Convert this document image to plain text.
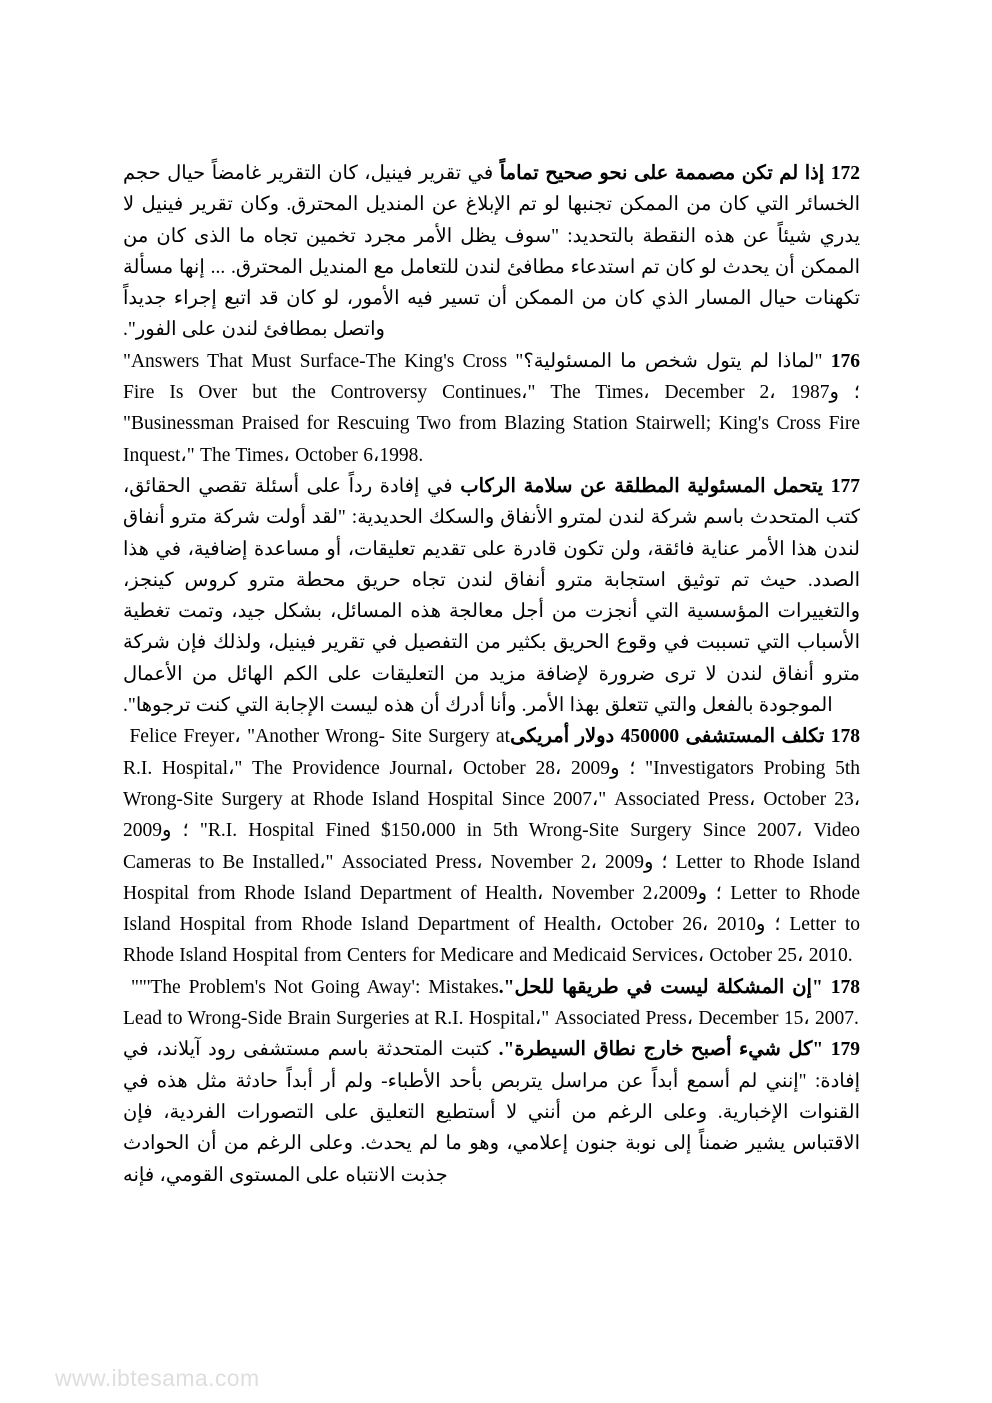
172 إذا لم تكن مصممة على نحو صحيح تماماً في تقرير فينيل، كان التقرير غامضاً حيال حجم الخسائر التي كان من الممكن تجنبها لو تم الإبلاغ عن المنديل المحترق. وكان تقرير فينيل لا يدري شيئاً عن هذه النقطة بالتحديد: "سوف يظل الأمر مجرد تخمين تجاه ما الذى كان من الممكن أن يحدث لو كان تم استدعاء مطافئ لندن للتعامل مع المنديل المحترق. ... إنها مسألة تكهنات حيال المسار الذي كان من الممكن أن تسير فيه الأمور، لو كان قد اتبع إجراء جديداً واتصل بمطافئ لندن على الفور".

176 "لماذا لم يتول شخص ما المسئولية؟" "Answers That Must Surface-The King's Cross Fire Is Over but the Controversy Continues،" The Times، December 2، 1987؛ و "Businessman Praised for Rescuing Two from Blazing Station Stairwell; King's Cross Fire Inquest،" The Times، October 6،1998.

177 يتحمل المسئولية المطلقة عن سلامة الركاب في إفادة رداً على أسئلة تقصي الحقائق، كتب المتحدث باسم شركة لندن لمترو الأنفاق والسكك الحديدية: "لقد أولت شركة مترو أنفاق لندن هذا الأمر عناية فائقة، ولن تكون قادرة على تقديم تعليقات، أو مساعدة إضافية، في هذا الصدد. حيث تم توثيق استجابة مترو أنفاق لندن تجاه حريق محطة مترو كروس كينجز، والتغييرات المؤسسية التي أنجزت من أجل معالجة هذه المسائل، بشكل جيد، وتمت تغطية الأسباب التي تسببت في وقوع الحريق بكثير من التفصيل في تقرير فينيل، ولذلك فإن شركة مترو أنفاق لندن لا ترى ضرورة لإضافة مزيد من التعليقات على الكم الهائل من الأعمال الموجودة بالفعل والتي تتعلق بهذا الأمر. وأنا أدرك أن هذه ليست الإجابة التي كنت ترجوها".

178 تكلف المستشفى 450000 دولار أمريكى Felice Freyer، "Another Wrong- Site Surgery at R.I. Hospital،" The Providence Journal، October 28، 2009؛ و "Investigators Probing 5th Wrong-Site Surgery at Rhode Island Hospital Since 2007،" Associated Press، October 23، 2009؛ و "R.I. Hospital Fined $150،000 in 5th Wrong-Site Surgery Since 2007، Video Cameras to Be Installed،" Associated Press، November 2، 2009؛ و Letter to Rhode Island Hospital from Rhode Island Department of Health، November 2،2009؛ و Letter to Rhode Island Hospital from Rhode Island Department of Health، October 26، 2010؛ و Letter to Rhode Island Hospital from Centers for Medicare and Medicaid Services، October 25، 2010.

178 "إن المشكلة ليست في طريقها للحل". ""'The Problem's Not Going Away': Mistakes Lead to Wrong-Side Brain Surgeries at R.I. Hospital،" Associated Press، December 15، 2007.

179 "كل شيء أصبح خارج نطاق السيطرة". كتبت المتحدثة باسم مستشفى رود آيلاند، في إفادة: "إنني لم أسمع أبداً عن مراسل يتربص بأحد الأطباء- ولم أر أبداً حادثة مثل هذه في القنوات الإخبارية. وعلى الرغم من أنني لا أستطيع التعليق على التصورات الفردية، فإن الاقتباس يشير ضمناً إلى نوبة جنون إعلامي، وهو ما لم يحدث. وعلى الرغم من أن الحوادث جذبت الانتباه على المستوى القومي، فإنه

www.ibtesama.com
